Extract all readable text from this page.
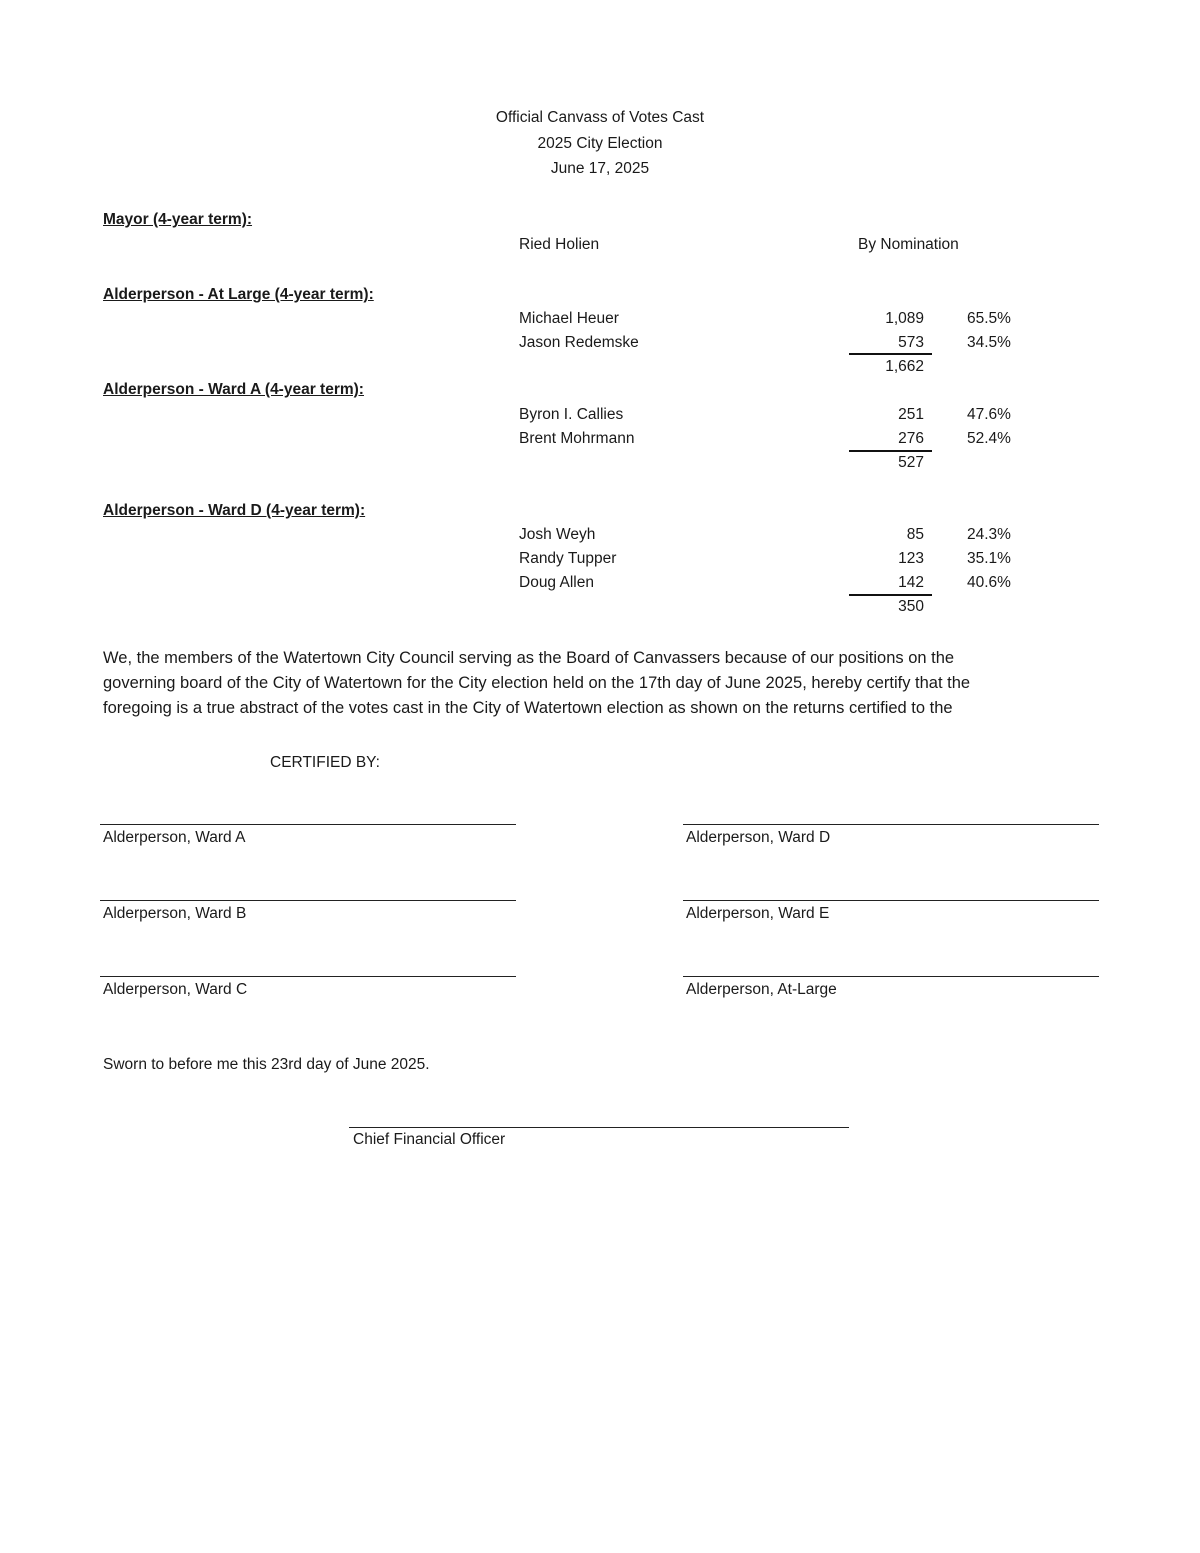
Official Canvass of Votes Cast
2025 City Election
June 17, 2025
Mayor (4-year term):
Ried Holien	By Nomination
Alderperson - At Large (4-year term):
Michael Heuer	1,089	65.5%
Jason Redemske	573	34.5%
1,662
Alderperson - Ward A (4-year term):
Byron I. Callies	251	47.6%
Brent Mohrmann	276	52.4%
527
Alderperson - Ward D (4-year term):
Josh Weyh	85	24.3%
Randy Tupper	123	35.1%
Doug Allen	142	40.6%
350
We, the members of the Watertown City Council serving as the Board of Canvassers because of our positions on the
governing board of the City of Watertown for the City election held on the 17th day of June 2025, hereby certify that the
foregoing is a true abstract of the votes cast in the City of Watertown election as shown on the returns certified to the
CERTIFIED BY:
Alderperson, Ward A	Alderperson, Ward D
Alderperson, Ward B	Alderperson, Ward E
Alderperson, Ward C	Alderperson, At-Large
Sworn to before me this 23rd day of June 2025.
Chief Financial Officer
